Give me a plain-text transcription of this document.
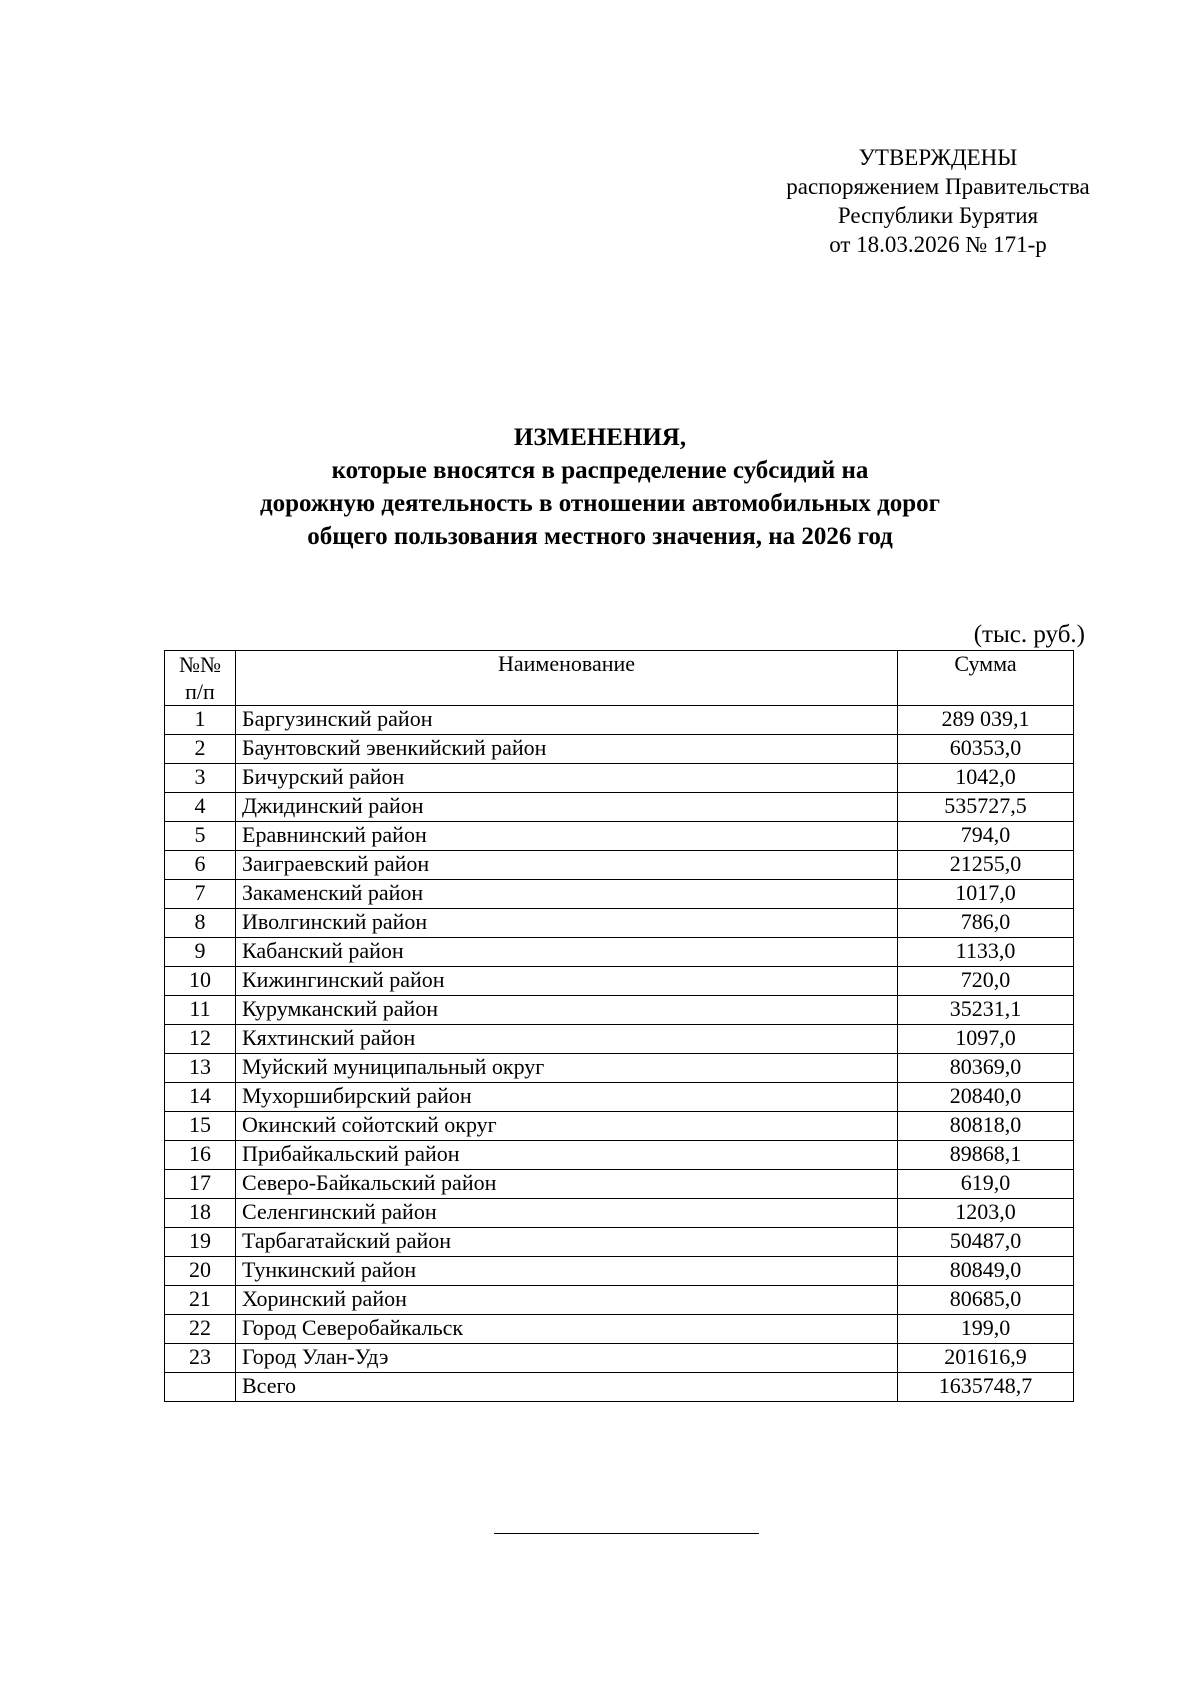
УТВЕРЖДЕНЫ
распоряжением Правительства
Республики Бурятия
от 18.03.2026 № 171-р
ИЗМЕНЕНИЯ,
которые вносятся в распределение субсидий на
дорожную деятельность в отношении автомобильных дорог
общего пользования местного значения, на 2026 год
(тыс. руб.)
№№
п/п	Наименование	Сумма
1	Баргузинский район	289 039,1
2	Баунтовский эвенкийский район	60353,0
3	Бичурский район	1042,0
4	Джидинский район	535727,5
5	Еравнинский район	794,0
6	Заиграевский район	21255,0
7	Закаменский район	1017,0
8	Иволгинский район	786,0
9	Кабанский район	1133,0
10	Кижингинский район	720,0
11	Курумканский район	35231,1
12	Кяхтинский район	1097,0
13	Муйский муниципальный округ	80369,0
14	Мухоршибирский район	20840,0
15	Окинский сойотский округ	80818,0
16	Прибайкальский район	89868,1
17	Северо-Байкальский район	619,0
18	Селенгинский район	1203,0
19	Тарбагатайский район	50487,0
20	Тункинский район	80849,0
21	Хоринский район	80685,0
22	Город Северобайкальск	199,0
23	Город Улан-Удэ	201616,9
	Всего	1635748,7
